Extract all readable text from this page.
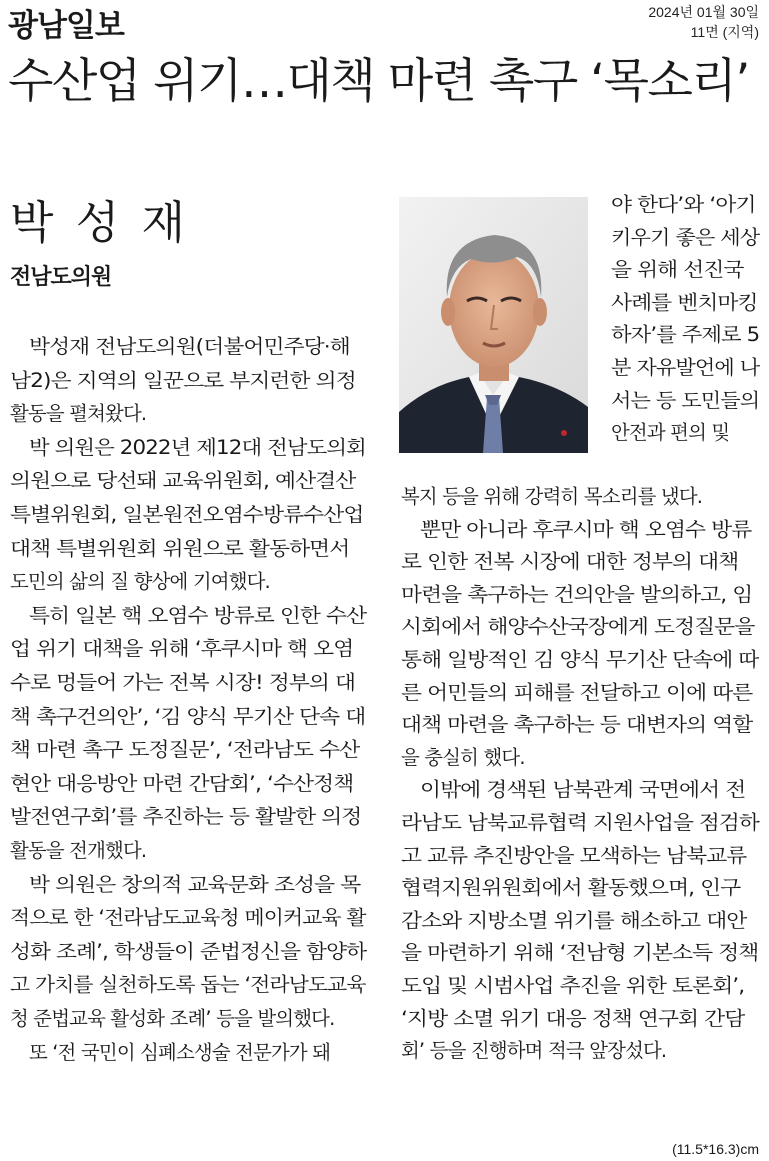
광남일보	2024년 01월 30일
11면 (지역)
수산업 위기…대책 마련 촉구 ‘목소리’
박 성 재
전남도의원
박성재 전남도의원(더불어민주당·해
남2)은 지역의 일꾼으로 부지런한 의정
활동을 펼쳐왔다.
박 의원은 2022년 제12대 전남도의회
의원으로 당선돼 교육위원회, 예산결산
특별위원회, 일본원전오염수방류수산업
대책 특별위원회 위원으로 활동하면서
도민의 삶의 질 향상에 기여했다.
특히 일본 핵 오염수 방류로 인한 수산
업 위기 대책을 위해 ‘후쿠시마 핵 오염
수로 멍들어 가는 전복 시장! 정부의 대
책 촉구건의안’, ‘김 양식 무기산 단속 대
책 마련 촉구 도정질문’, ‘전라남도 수산
현안 대응방안 마련 간담회’, ‘수산정책
발전연구회’를 추진하는 등 활발한 의정
활동을 전개했다.
박 의원은 창의적 교육문화 조성을 목
적으로 한 ‘전라남도교육청 메이커교육 활
성화 조례’, 학생들이 준법정신을 함양하
고 가치를 실천하도록 돕는 ‘전라남도교육
청 준법교육 활성화 조례’ 등을 발의했다.
또 ‘전 국민이 심폐소생술 전문가가 돼
야 한다’와 ‘아기
키우기 좋은 세상
을 위해 선진국
사례를 벤치마킹
하자’를 주제로 5
분 자유발언에 나
서는 등 도민들의
안전과 편의 및
복지 등을 위해 강력히 목소리를 냈다.
뿐만 아니라 후쿠시마 핵 오염수 방류
로 인한 전복 시장에 대한 정부의 대책
마련을 촉구하는 건의안을 발의하고, 임
시회에서 해양수산국장에게 도정질문을
통해 일방적인 김 양식 무기산 단속에 따
른 어민들의 피해를 전달하고 이에 따른
대책 마련을 촉구하는 등 대변자의 역할
을 충실히 했다.
이밖에 경색된 남북관계 국면에서 전
라남도 남북교류협력 지원사업을 점검하
고 교류 추진방안을 모색하는 남북교류
협력지원위원회에서 활동했으며, 인구
감소와 지방소멸 위기를 해소하고 대안
을 마련하기 위해 ‘전남형 기본소득 정책
도입 및 시범사업 추진을 위한 토론회’,
‘지방 소멸 위기 대응 정책 연구회 간담
회’ 등을 진행하며 적극 앞장섰다.
(11.5*16.3)cm
